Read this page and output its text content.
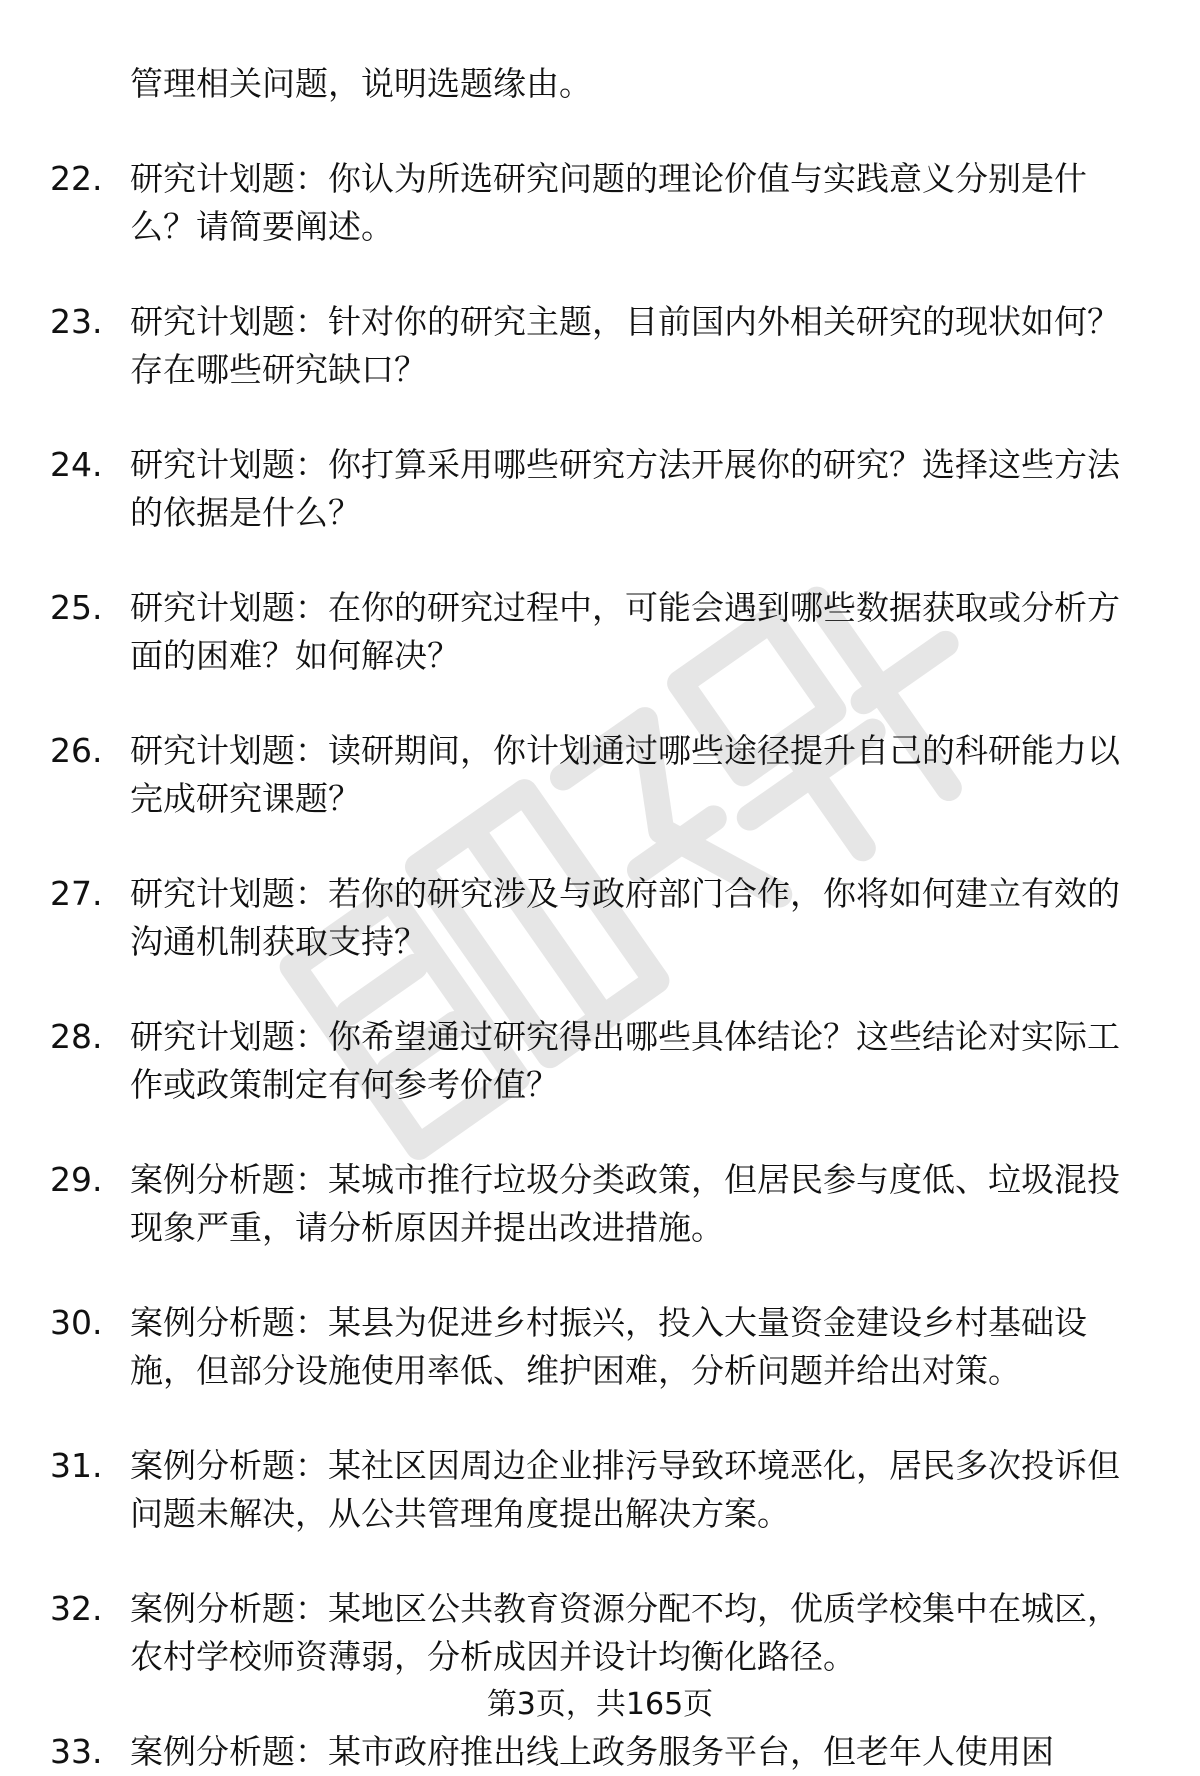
管理相关问题，说明选题缘由。

22. 研究计划题：你认为所选研究问题的理论价值与实践意义分别是什么？请简要阐述。
23. 研究计划题：针对你的研究主题，目前国内外相关研究的现状如何？存在哪些研究缺口？
24. 研究计划题：你打算采用哪些研究方法开展你的研究？选择这些方法的依据是什么？
25. 研究计划题：在你的研究过程中，可能会遇到哪些数据获取或分析方面的困难？如何解决？
26. 研究计划题：读研期间，你计划通过哪些途径提升自己的科研能力以完成研究课题？
27. 研究计划题：若你的研究涉及与政府部门合作，你将如何建立有效的沟通机制获取支持？
28. 研究计划题：你希望通过研究得出哪些具体结论？这些结论对实际工作或政策制定有何参考价值？
29. 案例分析题：某城市推行垃圾分类政策，但居民参与度低、垃圾混投现象严重，请分析原因并提出改进措施。
30. 案例分析题：某县为促进乡村振兴，投入大量资金建设乡村基础设施，但部分设施使用率低、维护困难，分析问题并给出对策。
31. 案例分析题：某社区因周边企业排污导致环境恶化，居民多次投诉但问题未解决，从公共管理角度提出解决方案。
32. 案例分析题：某地区公共教育资源分配不均，优质学校集中在城区，农村学校师资薄弱，分析成因并设计均衡化路径。
33. 案例分析题：某市政府推出线上政务服务平台，但老年人使用困
第3页，共165页
